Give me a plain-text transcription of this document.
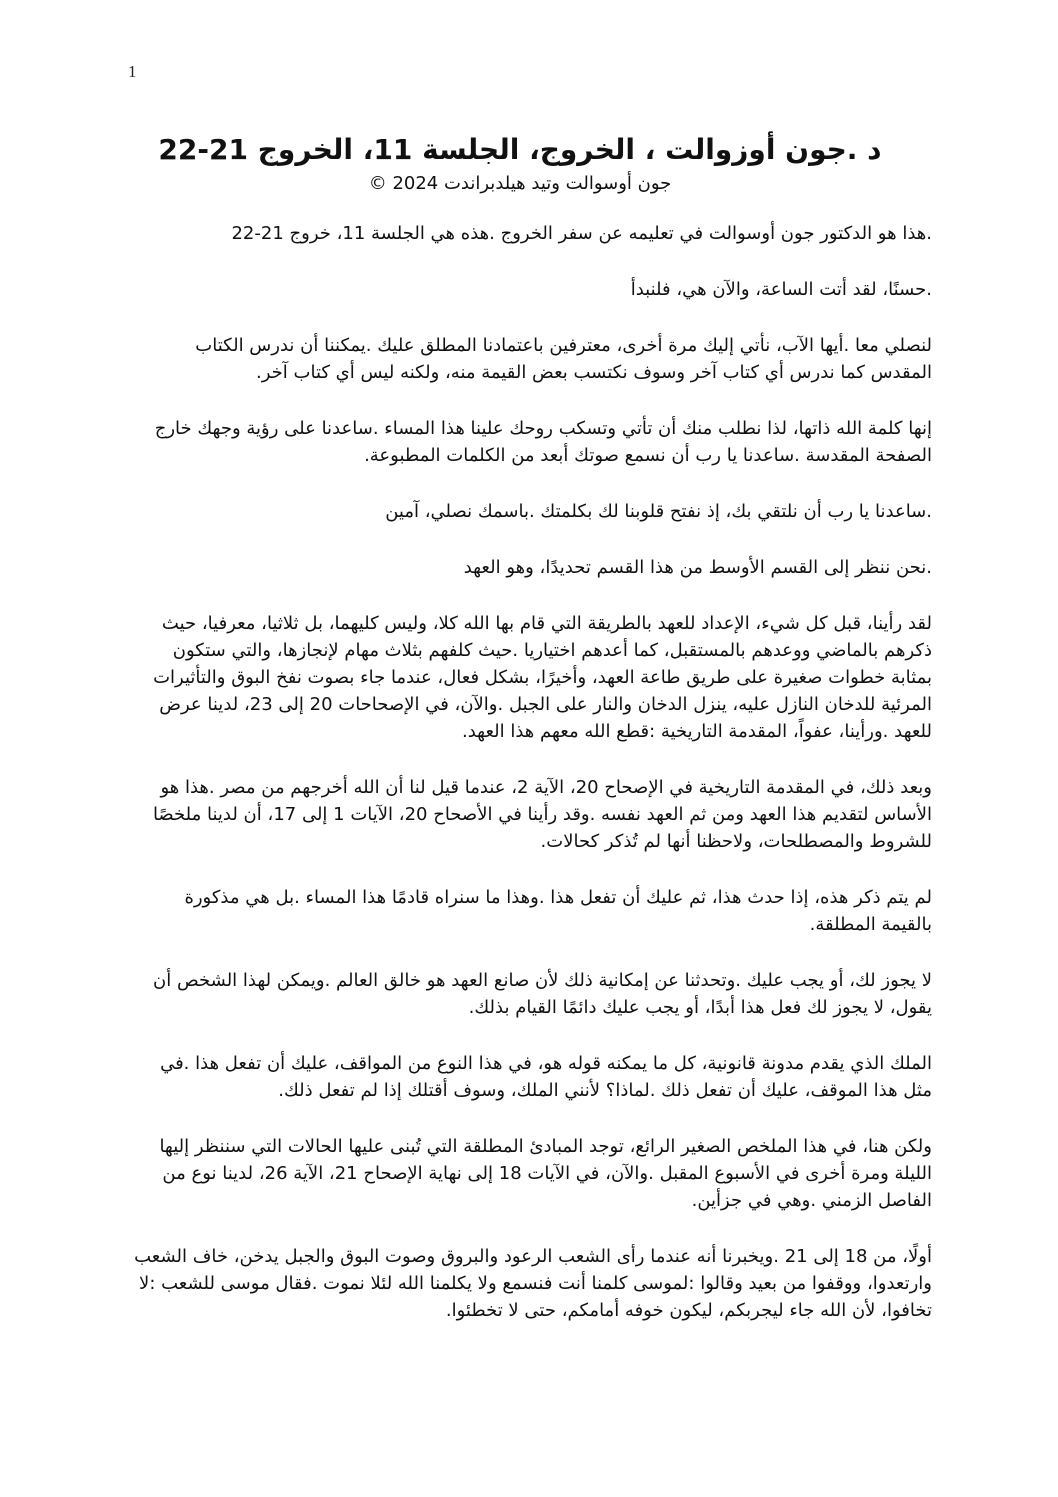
1
د .جون أوزوالت ، الخروج، الجلسة 11، الخروج 21-22

جون أوسوالت وتيد هيلدبراندت 2024 ©

.هذا هو الدكتور جون أوسوالت في تعليمه عن سفر الخروج .هذه هي الجلسة 11، خروج 21-22

.حسنًا، لقد أتت الساعة، والآن هي، فلنبدأ

لنصلي معا .أيها الآب، نأتي إليك مرة أخرى، معترفين باعتمادنا المطلق عليك .يمكننا أن ندرس الكتاب المقدس كما ندرس أي كتاب آخر وسوف نكتسب بعض القيمة منه، ولكنه ليس أي كتاب آخر.

إنها كلمة الله ذاتها، لذا نطلب منك أن تأتي وتسكب روحك علينا هذا المساء .ساعدنا على رؤية وجهك خارج الصفحة المقدسة .ساعدنا يا رب أن نسمع صوتك أبعد من الكلمات المطبوعة.

.ساعدنا يا رب أن نلتقي بك، إذ نفتح قلوبنا لك بكلمتك .باسمك نصلي، آمين

.نحن ننظر إلى القسم الأوسط من هذا القسم تحديدًا، وهو العهد

لقد رأينا، قبل كل شيء، الإعداد للعهد بالطريقة التي قام بها الله كلا، وليس كليهما، بل ثلاثيا، معرفيا، حيث ذكرهم بالماضي ووعدهم بالمستقبل، كما أعدهم اختياريا .حيث كلفهم بثلاث مهام لإنجازها، والتي ستكون بمثابة خطوات صغيرة على طريق طاعة العهد، وأخيرًا، بشكل فعال، عندما جاء بصوت نفخ البوق والتأثيرات المرئية للدخان النازل عليه، ينزل الدخان والنار على الجبل .والآن، في الإصحاحات 20 إلى 23، لدينا عرض للعهد .ورأينا، عفواً، المقدمة التاريخية :قطع الله معهم هذا العهد.

وبعد ذلك، في المقدمة التاريخية في الإصحاح 20، الآية 2، عندما قيل لنا أن الله أخرجهم من مصر .هذا هو الأساس لتقديم هذا العهد ومن ثم العهد نفسه .وقد رأينا في الأصحاح 20، الآيات 1 إلى 17، أن لدينا ملخصًا للشروط والمصطلحات، ولاحظنا أنها لم تُذكر كحالات.

لم يتم ذكر هذه، إذا حدث هذا، ثم عليك أن تفعل هذا .وهذا ما سنراه قادمًا هذا المساء .بل هي مذكورة بالقيمة المطلقة.

لا يجوز لك، أو يجب عليك .وتحدثنا عن إمكانية ذلك لأن صانع العهد هو خالق العالم .ويمكن لهذا الشخص أن يقول، لا يجوز لك فعل هذا أبدًا، أو يجب عليك دائمًا القيام بذلك.

الملك الذي يقدم مدونة قانونية، كل ما يمكنه قوله هو، في هذا النوع من المواقف، عليك أن تفعل هذا .في مثل هذا الموقف، عليك أن تفعل ذلك .لماذا؟ لأنني الملك، وسوف أقتلك إذا لم تفعل ذلك.

ولكن هنا، في هذا الملخص الصغير الرائع، توجد المبادئ المطلقة التي تُبنى عليها الحالات التي سننظر إليها الليلة ومرة أخرى في الأسبوع المقبل .والآن، في الآيات 18 إلى نهاية الإصحاح 21، الآية 26، لدينا نوع من الفاصل الزمني .وهي في جزأين.

أولًا، من 18 إلى 21 .ويخبرنا أنه عندما رأى الشعب الرعود والبروق وصوت البوق والجبل يدخن، خاف الشعب وارتعدوا، ووقفوا من بعيد وقالوا :لموسى كلمنا أنت فنسمع ولا يكلمنا الله لئلا نموت .فقال موسى للشعب :لا تخافوا، لأن الله جاء ليجربكم، ليكون خوفه أمامكم، حتى لا تخطئوا.
